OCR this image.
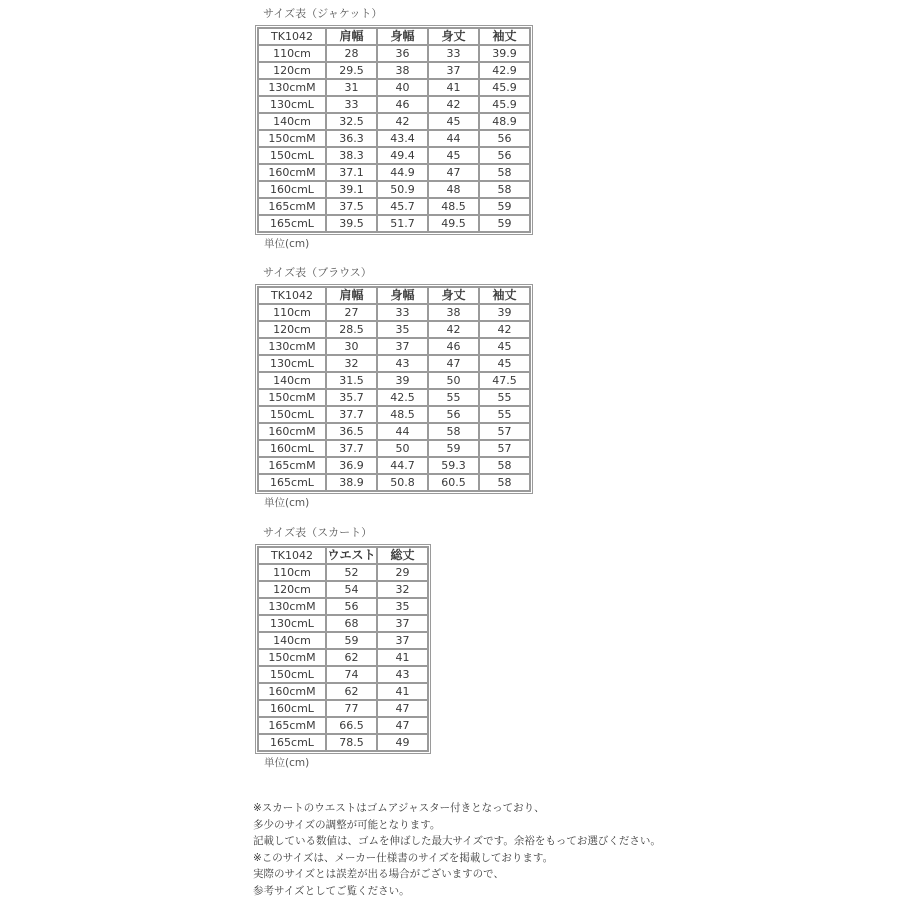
サイズ表（ジャケット）
TK1042	肩幅	身幅	身丈	袖丈
110cm	28	36	33	39.9
120cm	29.5	38	37	42.9
130cmM	31	40	41	45.9
130cmL	33	46	42	45.9
140cm	32.5	42	45	48.9
150cmM	36.3	43.4	44	56
150cmL	38.3	49.4	45	56
160cmM	37.1	44.9	47	58
160cmL	39.1	50.9	48	58
165cmM	37.5	45.7	48.5	59
165cmL	39.5	51.7	49.5	59
単位(cm)
サイズ表（ブラウス）
TK1042	肩幅	身幅	身丈	袖丈
110cm	27	33	38	39
120cm	28.5	35	42	42
130cmM	30	37	46	45
130cmL	32	43	47	45
140cm	31.5	39	50	47.5
150cmM	35.7	42.5	55	55
150cmL	37.7	48.5	56	55
160cmM	36.5	44	58	57
160cmL	37.7	50	59	57
165cmM	36.9	44.7	59.3	58
165cmL	38.9	50.8	60.5	58
単位(cm)
サイズ表（スカート）
TK1042	ウエスト	総丈
110cm	52	29
120cm	54	32
130cmM	56	35
130cmL	68	37
140cm	59	37
150cmM	62	41
150cmL	74	43
160cmM	62	41
160cmL	77	47
165cmM	66.5	47
165cmL	78.5	49
単位(cm)
※スカートのウエストはゴムアジャスター付きとなっており、
多少のサイズの調整が可能となります。
記載している数値は、ゴムを伸ばした最大サイズです。余裕をもってお選びください。
※このサイズは、メーカー仕様書のサイズを掲載しております。
実際のサイズとは誤差が出る場合がございますので、
参考サイズとしてご覧ください。
